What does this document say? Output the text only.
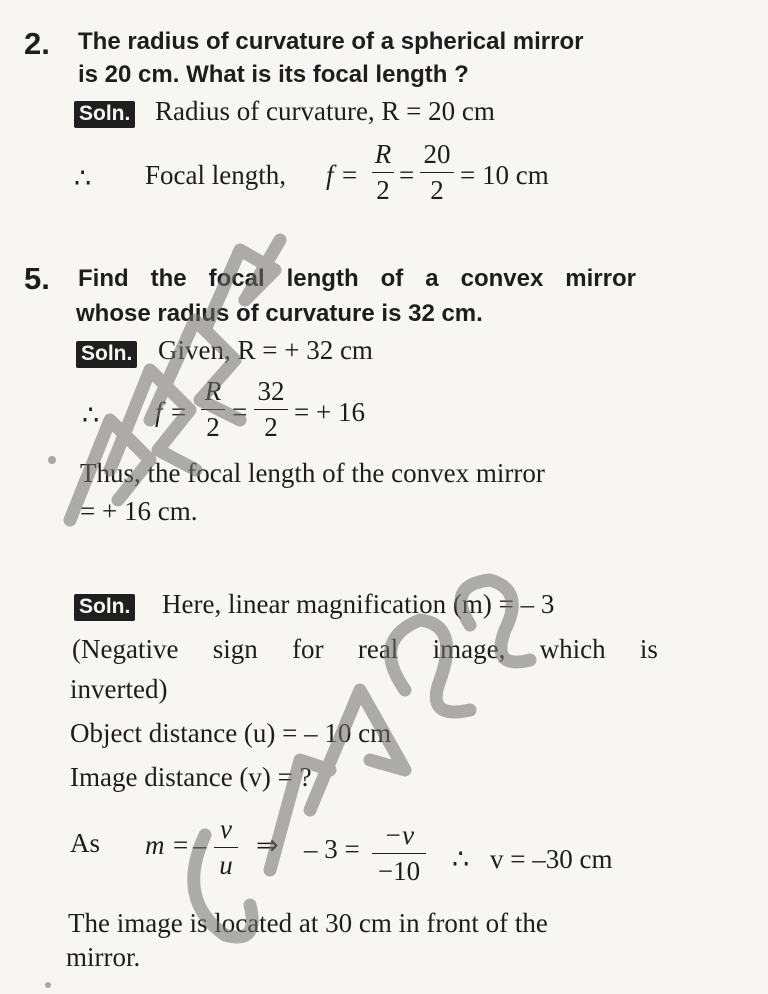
2. The radius of curvature of a spherical mirror
is 20 cm. What is its focal length ?
Soln. Radius of curvature, R = 20 cm
∴ Focal length, f =
R
2 =
20
2 = 10 cm
5. Find the focal length of a convex mirror
whose radius of curvature is 32 cm.
Soln. Given, R = + 32 cm
∴ f =
R
2 =
32
2 = + 16
Thus, the focal length of the convex mirror
= + 16 cm.
Soln. Here, linear magnification (m) = – 3
(Negative sign for real image, which is
inverted)
Object distance (u) = – 10 cm
Image distance (v) = ?
As m = –
v
u
⇒ – 3 = −v
−10 ∴ v = –30 cm
The image is located at 30 cm in front of the
mirror.
